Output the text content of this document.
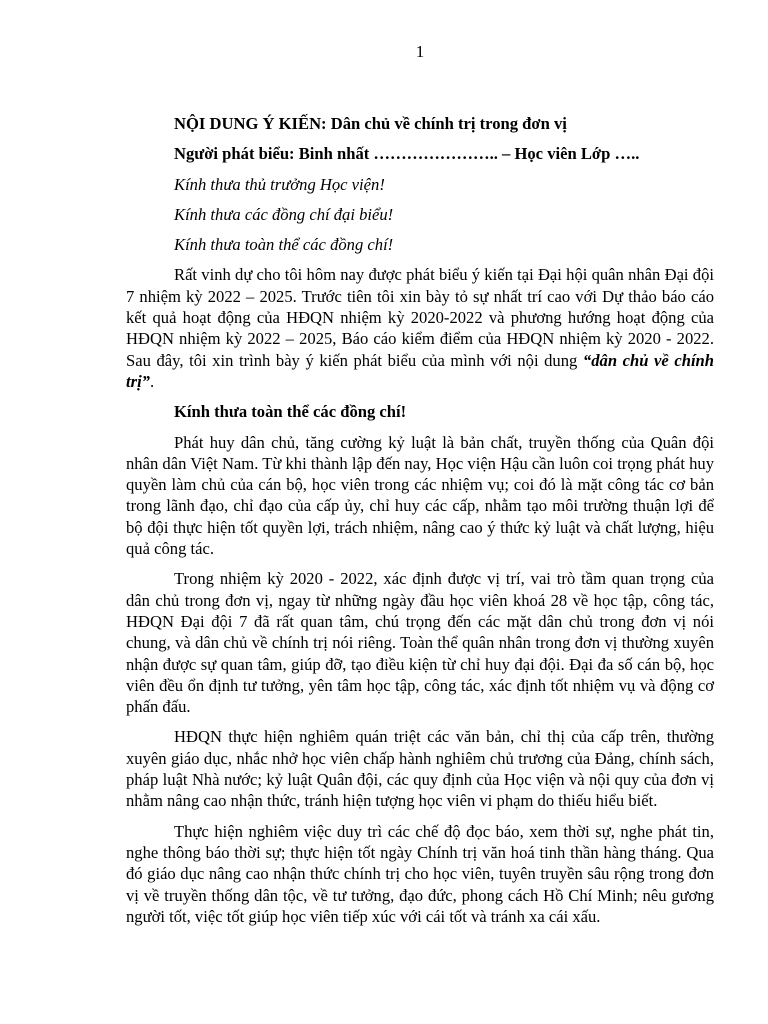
1

NỘI DUNG Ý KIẾN: Dân chủ về chính trị trong đơn vị

Người phát biểu: Binh nhất ………………….. – Học viên Lớp …..

Kính thưa thủ trưởng Học viện!

Kính thưa các đồng chí đại biểu!

Kính thưa toàn thể các đồng chí!

Rất vinh dự cho tôi hôm nay được phát biểu ý kiến tại Đại hội quân nhân Đại đội 7 nhiệm kỳ 2022 – 2025. Trước tiên tôi xin bày tỏ sự nhất trí cao với Dự thảo báo cáo kết quả hoạt động của HĐQN nhiệm kỳ 2020-2022 và phương hướng hoạt động của HĐQN nhiệm kỳ 2022 – 2025, Báo cáo kiểm điểm của HĐQN nhiệm kỳ 2020 - 2022. Sau đây, tôi xin trình bày ý kiến phát biểu của mình với nội dung “dân chủ về chính trị”.

Kính thưa toàn thể các đồng chí!

Phát huy dân chủ, tăng cường kỷ luật là bản chất, truyền thống của Quân đội nhân dân Việt Nam. Từ khi thành lập đến nay, Học viện Hậu cần luôn coi trọng phát huy quyền làm chủ của cán bộ, học viên trong các nhiệm vụ; coi đó là mặt công tác cơ bản trong lãnh đạo, chỉ đạo của cấp ủy, chỉ huy các cấp, nhằm tạo môi trường thuận lợi để bộ đội thực hiện tốt quyền lợi, trách nhiệm, nâng cao ý thức kỷ luật và chất lượng, hiệu quả công tác.

Trong nhiệm kỳ 2020 - 2022, xác định được vị trí, vai trò tầm quan trọng của dân chủ trong đơn vị, ngay từ những ngày đầu học viên khoá 28 về học tập, công tác, HĐQN Đại đội 7 đã rất quan tâm, chú trọng đến các mặt dân chủ trong đơn vị nói chung, và dân chủ về chính trị nói riêng. Toàn thể quân nhân trong đơn vị thường xuyên nhận được sự quan tâm, giúp đỡ, tạo điều kiện từ chỉ huy đại đội. Đại đa số cán bộ, học viên đều ổn định tư tưởng, yên tâm học tập, công tác, xác định tốt nhiệm vụ và động cơ phấn đấu.

HĐQN thực hiện nghiêm quán triệt các văn bản, chỉ thị của cấp trên, thường xuyên giáo dục, nhắc nhở học viên chấp hành nghiêm chủ trương của Đảng, chính sách, pháp luật Nhà nước; kỷ luật Quân đội, các quy định của Học viện và nội quy của đơn vị nhằm nâng cao nhận thức, tránh hiện tượng học viên vi phạm do thiếu hiểu biết.

Thực hiện nghiêm việc duy trì các chế độ đọc báo, xem thời sự, nghe phát tin, nghe thông báo thời sự; thực hiện tốt ngày Chính trị văn hoá tinh thần hàng tháng. Qua đó giáo dục nâng cao nhận thức chính trị cho học viên, tuyên truyền sâu rộng trong đơn vị về truyền thống dân tộc, về tư tưởng, đạo đức, phong cách Hồ Chí Minh; nêu gương người tốt, việc tốt giúp học viên tiếp xúc với cái tốt và tránh xa cái xấu.
